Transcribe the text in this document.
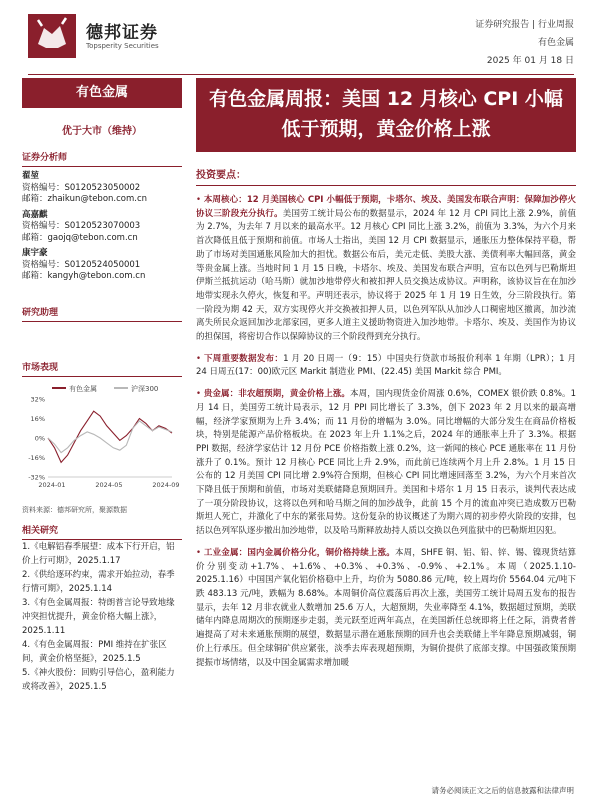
德邦证券
Topsperity Securities
证券研究报告 | 行业周报
有色金属
2025 年 01 月 18 日
有色金属
优于大市（维持）
证券分析师
翟堃
资格编号：S0120523050002
邮箱：zhaikun@tebon.com.cn
高嘉麒
资格编号：S0120523070003
邮箱：gaojq@tebon.com.cn
康宇豪
资格编号：S0120524050001
邮箱：kangyh@tebon.com.cn
研究助理
市场表现
有色金属	沪深300
32%
16%
0%
-16%
-32%
2024-01	2024-05	2024-09
资料来源：德邦研究所，聚源数据
相关研究
1.《电解铝春季展望：成本下行开启，铝价上行可期》，2025.1.17
2.《供给逐环约束，需求开始拉动，春季行情可期》，2025.1.14
3.《有色金属周报：特朗普言论导致地缘冲突担忧提升，黄金价格大幅上涨》，2025.1.11
4.《有色金属周报：PMI 维持在扩张区间，黄金价格坚挺》，2025.1.5
5.《神火股份：回购引导信心，盈利能力或将改善》，2025.1.5
有色金属周报：美国 12 月核心 CPI 小幅低于预期，黄金价格上涨
投资要点：

• 本周核心：12 月美国核心 CPI 小幅低于预期，卡塔尔、埃及、美国发布联合声明：保障加沙停火协议三阶段充分执行。美国劳工统计局公布的数据显示，2024 年 12 月 CPI 同比上涨 2.9%，前值为 2.7%，为去年 7 月以来的最高水平。12 月核心 CPI 同比上涨 3.2%，前值为 3.3%，为六个月来首次降低且低于预期和前值。市场人士指出，美国 12 月 CPI 数据显示，通胀压力整体保持平稳，帮助了市场对美国通胀风险加大的担忧。数据公布后，美元走低、美股大涨、美债利率大幅回落，黄金等贵金属上涨。当地时间 1 月 15 日晚，卡塔尔、埃及、美国发布联合声明，宣布以色列与巴勒斯坦伊斯兰抵抗运动（哈马斯）就加沙地带停火和被扣押人员交换达成协议。声明称，该协议旨在在加沙地带实现永久停火，恢复和平。声明还表示，协议将于 2025 年 1 月 19 日生效，分三阶段执行。第一阶段为期 42 天，双方实现停火并交换被扣押人员，以色列军队从加沙人口稠密地区撤离，加沙流离失所民众返回加沙北部家园，更多人道主义援助物资进入加沙地带。卡塔尔、埃及、美国作为协议的担保国，将密切合作以保障协议的三个阶段得到充分执行。

• 下周重要数据发布：1 月 20 日周一（9：15）中国央行贷款市场报价利率 1 年期（LPR）；1 月 24 日周五(17：00)欧元区 Markit 制造业 PMI、(22.45) 美国 Markit 综合 PMI。

• 贵金属：非农超预期，黄金价格上涨。本周，国内现货金价周涨 0.6%，COMEX 银价跌 0.8%。1 月 14 日，美国劳工统计局表示，12 月 PPI 同比增长了 3.3%，创下 2023 年 2 月以来的最高增幅，经济学家预期为上升 3.4%；而 11 月份的增幅为 3.0%。同比增幅的大部分发生在商品价格板块，特别是能源产品价格板块。在 2023 年上升 1.1%之后，2024 年的通胀率上升了 3.3%。根据 PPI 数据，经济学家估计 12 月份 PCE 价格指数上涨 0.2%，这一新闻的核心 PCE 通胀率在 11 月份涨升了 0.1%。预计 12 月核心 PCE 同比上升 2.9%，而此前已连续两个月上升 2.8%。1 月 15 日公布的 12 月美国 CPI 同比增 2.9%符合预期，但核心 CPI 同比增速回落至 3.2%，为六个月来首次下降且低于预期和前值，市场对美联储降息预期回升。美国和卡塔尔 1 月 15 日表示，谈判代表达成了一项分阶段协议，这将以色列和哈马斯之间的加沙战争，此前 15 个月的流血冲突已造成数万巴勒斯坦人死亡，并激化了中东的紧张局势。这份复杂的协议概述了为期六周的初步停火阶段的安排，包括以色列军队逐步撤出加沙地带，以及哈马斯释放劫持人质以交换以色列监狱中的巴勒斯坦囚犯。

• 工业金属：国内金属价格分化，铜价格持续上涨。本周，SHFE 铜、铝、铅、锌、锡、镍现货结算价分别变动+1.7%、+1.6%、+0.3%、+0.3%、-0.9%、+2.1%。本周（2025.1.10-2025.1.16）中国国产氧化铝价格稳中上升，均价为 5080.86 元/吨，较上周均价 5564.04 元/吨下跌 483.13 元/吨，跌幅为 8.68%。本周铜价高位震荡后再次上涨，美国劳工统计局周五发布的报告显示，去年 12 月非农就业人数增加 25.6 万人，大超预期，失业率降至 4.1%，数据超过预期，美联储年内降息周期次的预期逐步走弱，美元跃至近两年高点，在美国新任总统即将上任之际，消费者普遍提高了对未来通胀预期的展望，数据显示潜在通胀预期的回升也会美联储上半年降息预期减弱，铜价上行承压。但全球铜矿供应紧张，淡季去库表现超预期，为铜价提供了底部支撑。中国强政策预期提振市场情绪，以及中国金属需求增加暖

请务必阅读正文之后的信息披露和法律声明
